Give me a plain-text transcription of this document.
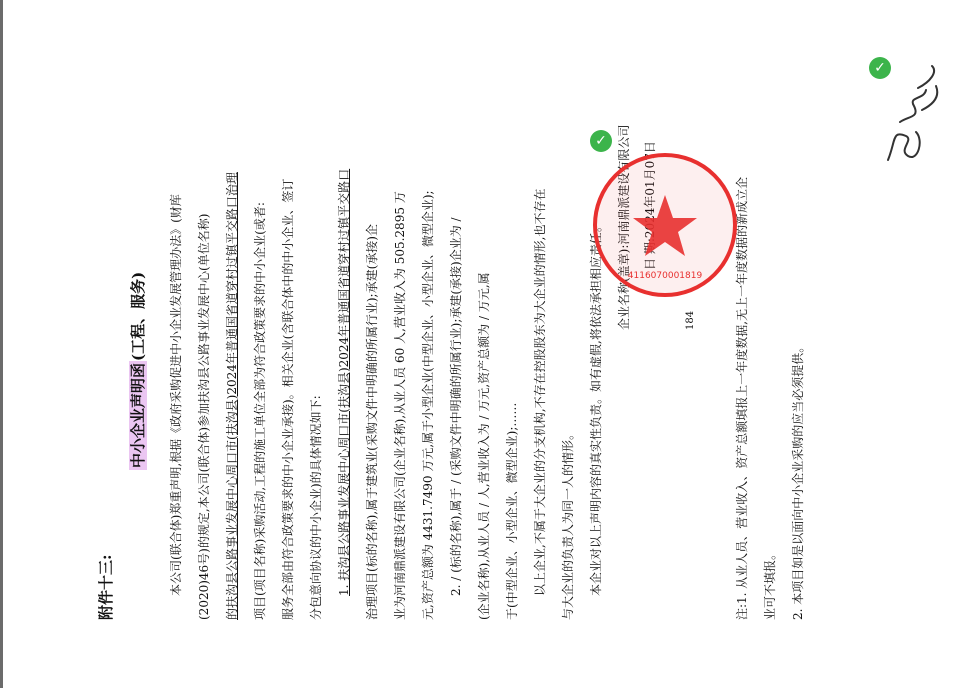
附件十三:
中小企业声明函(工程、服务) 本公司(联合体)郑重声明,根据《政府采购促进中小企业发展管理办法》(财库 (2020)46号)的规定,本公司(联合体)参加扶沟县公路事业发展中心(单位名称) 的扶沟县公路事业发展中心周口市(扶沟县)2024年普通国省道穿村过镇平交路口治理 项目(项目名称)采购活动,工程的施工单位全部为符合政策要求的中小企业(或者: 服务全部由符合政策要求的中小企业承接)。相关企业(含联合体中的中小企业、签订 分包意向协议的中小企业)的具体情况如下: 1. 扶沟县公路事业发展中心周口市(扶沟县)2024年普通国省道穿村过镇平交路口 治理项目(标的名称),属于建筑业(采购文件中明确的所属行业);承建(承接)企 业为河南鼎派建设有限公司(企业名称),从业人员 60 人,营业收入为 505.2895 万 元,资产总额为 4431.7490 万元,属于小型企业(中型企业、小型企业、微型企业); 2. / (标的名称),属于 / (采购文件中明确的所属行业);承建(承接)企业为 / (企业名称),从业人员 / 人,营业收入为 / 万元,资产总额为 / 万元,属 于(中型企业、小型企业、微型企业);…… 以上企业,不属于大企业的分支机构,不存在控股股东为大企业的情形,也不存在 与大企业的负责人为同一人的情形。 本企业对以上声明内容的真实性负责。如有虚假,将依法承担相应责任。	184	注:1. 从业人员、营业收入、资产总额填报上一年度数据,无上一年度数据的新成立企 业可不填报。 2. 本项目如是以面向中小企业采购的应当必须提供。
4116070001819
✓
✓
